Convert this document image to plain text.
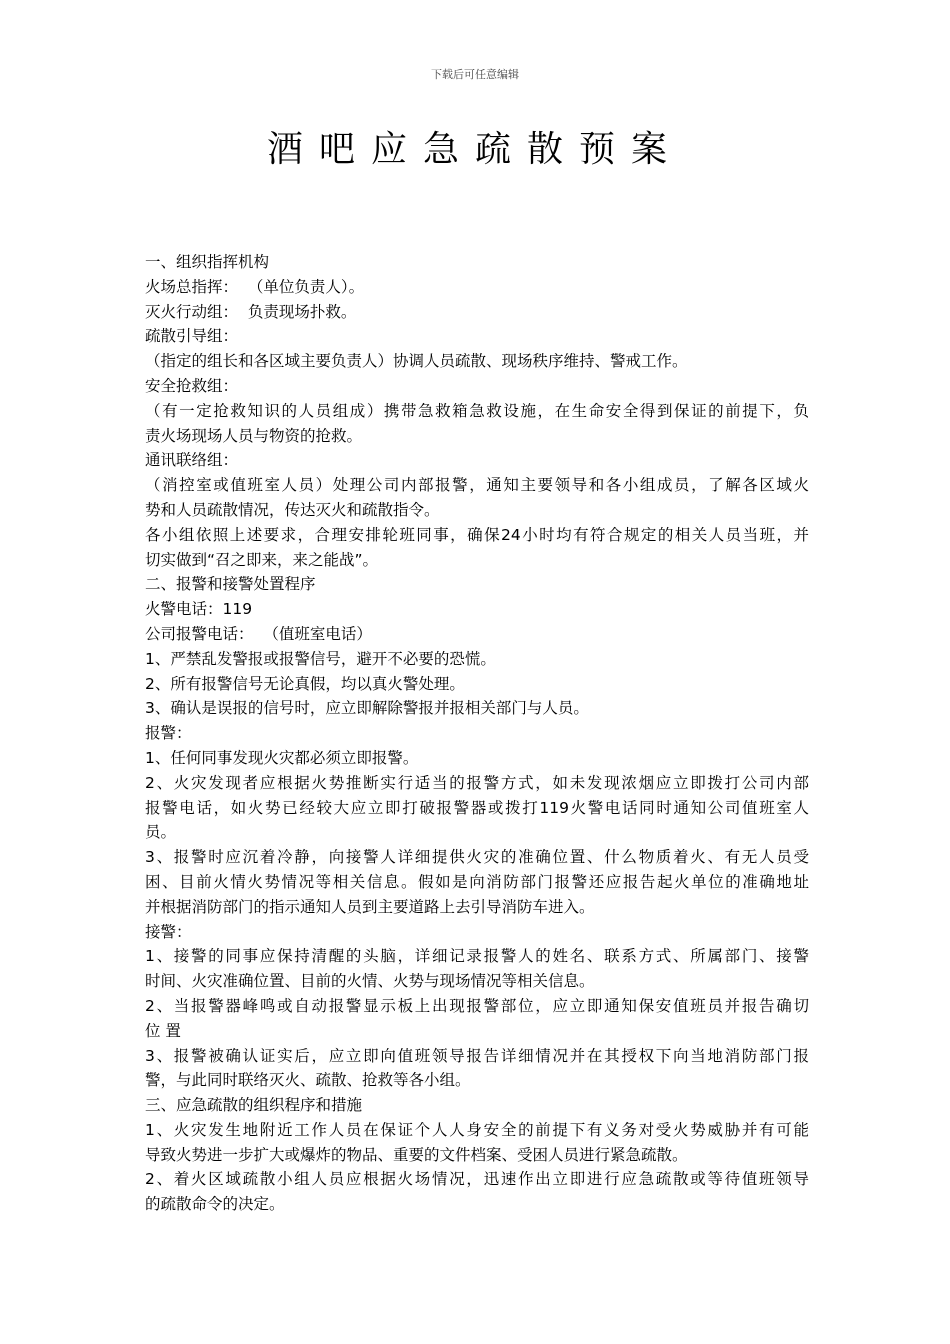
下载后可任意编辑
酒吧应急疏散预案

一、组织指挥机构

火场总指挥：  （单位负责人）。

灭火行动组：  负责现场扑救。

疏散引导组：

（指定的组长和各区域主要负责人）协调人员疏散、现场秩序维持、警戒工作。

安全抢救组：

（有一定抢救知识的人员组成）携带急救箱急救设施，在生命安全得到保证的前提下，负

责火场现场人员与物资的抢救。

通讯联络组：

（消控室或值班室人员）处理公司内部报警，通知主要领导和各小组成员，了解各区域火

势和人员疏散情况，传达灭火和疏散指令。

各小组依照上述要求，合理安排轮班同事，确保24小时均有符合规定的相关人员当班，并

切实做到“召之即来，来之能战”。

二、报警和接警处置程序

火警电话：119

公司报警电话：  （值班室电话）

1、严禁乱发警报或报警信号，避开不必要的恐慌。

2、所有报警信号无论真假，均以真火警处理。

3、确认是误报的信号时，应立即解除警报并报相关部门与人员。

报警：

1、任何同事发现火灾都必须立即报警。

2、火灾发现者应根据火势推断实行适当的报警方式，如未发现浓烟应立即拨打公司内部

报警电话，如火势已经较大应立即打破报警器或拨打119火警电话同时通知公司值班室人

员。

3、报警时应沉着冷静，向接警人详细提供火灾的准确位置、什么物质着火、有无人员受

困、目前火情火势情况等相关信息。假如是向消防部门报警还应报告起火单位的准确地址

并根据消防部门的指示通知人员到主要道路上去引导消防车进入。

接警：

1、接警的同事应保持清醒的头脑，详细记录报警人的姓名、联系方式、所属部门、接警

时间、火灾准确位置、目前的火情、火势与现场情况等相关信息。

2、当报警器峰鸣或自动报警显示板上出现报警部位，应立即通知保安值班员并报告确切

位 置

3、报警被确认证实后，应立即向值班领导报告详细情况并在其授权下向当地消防部门报

警，与此同时联络灭火、疏散、抢救等各小组。

三、应急疏散的组织程序和措施

1、火灾发生地附近工作人员在保证个人人身安全的前提下有义务对受火势威胁并有可能

导致火势进一步扩大或爆炸的物品、重要的文件档案、受困人员进行紧急疏散。

2、着火区域疏散小组人员应根据火场情况，迅速作出立即进行应急疏散或等待值班领导

的疏散命令的决定。
